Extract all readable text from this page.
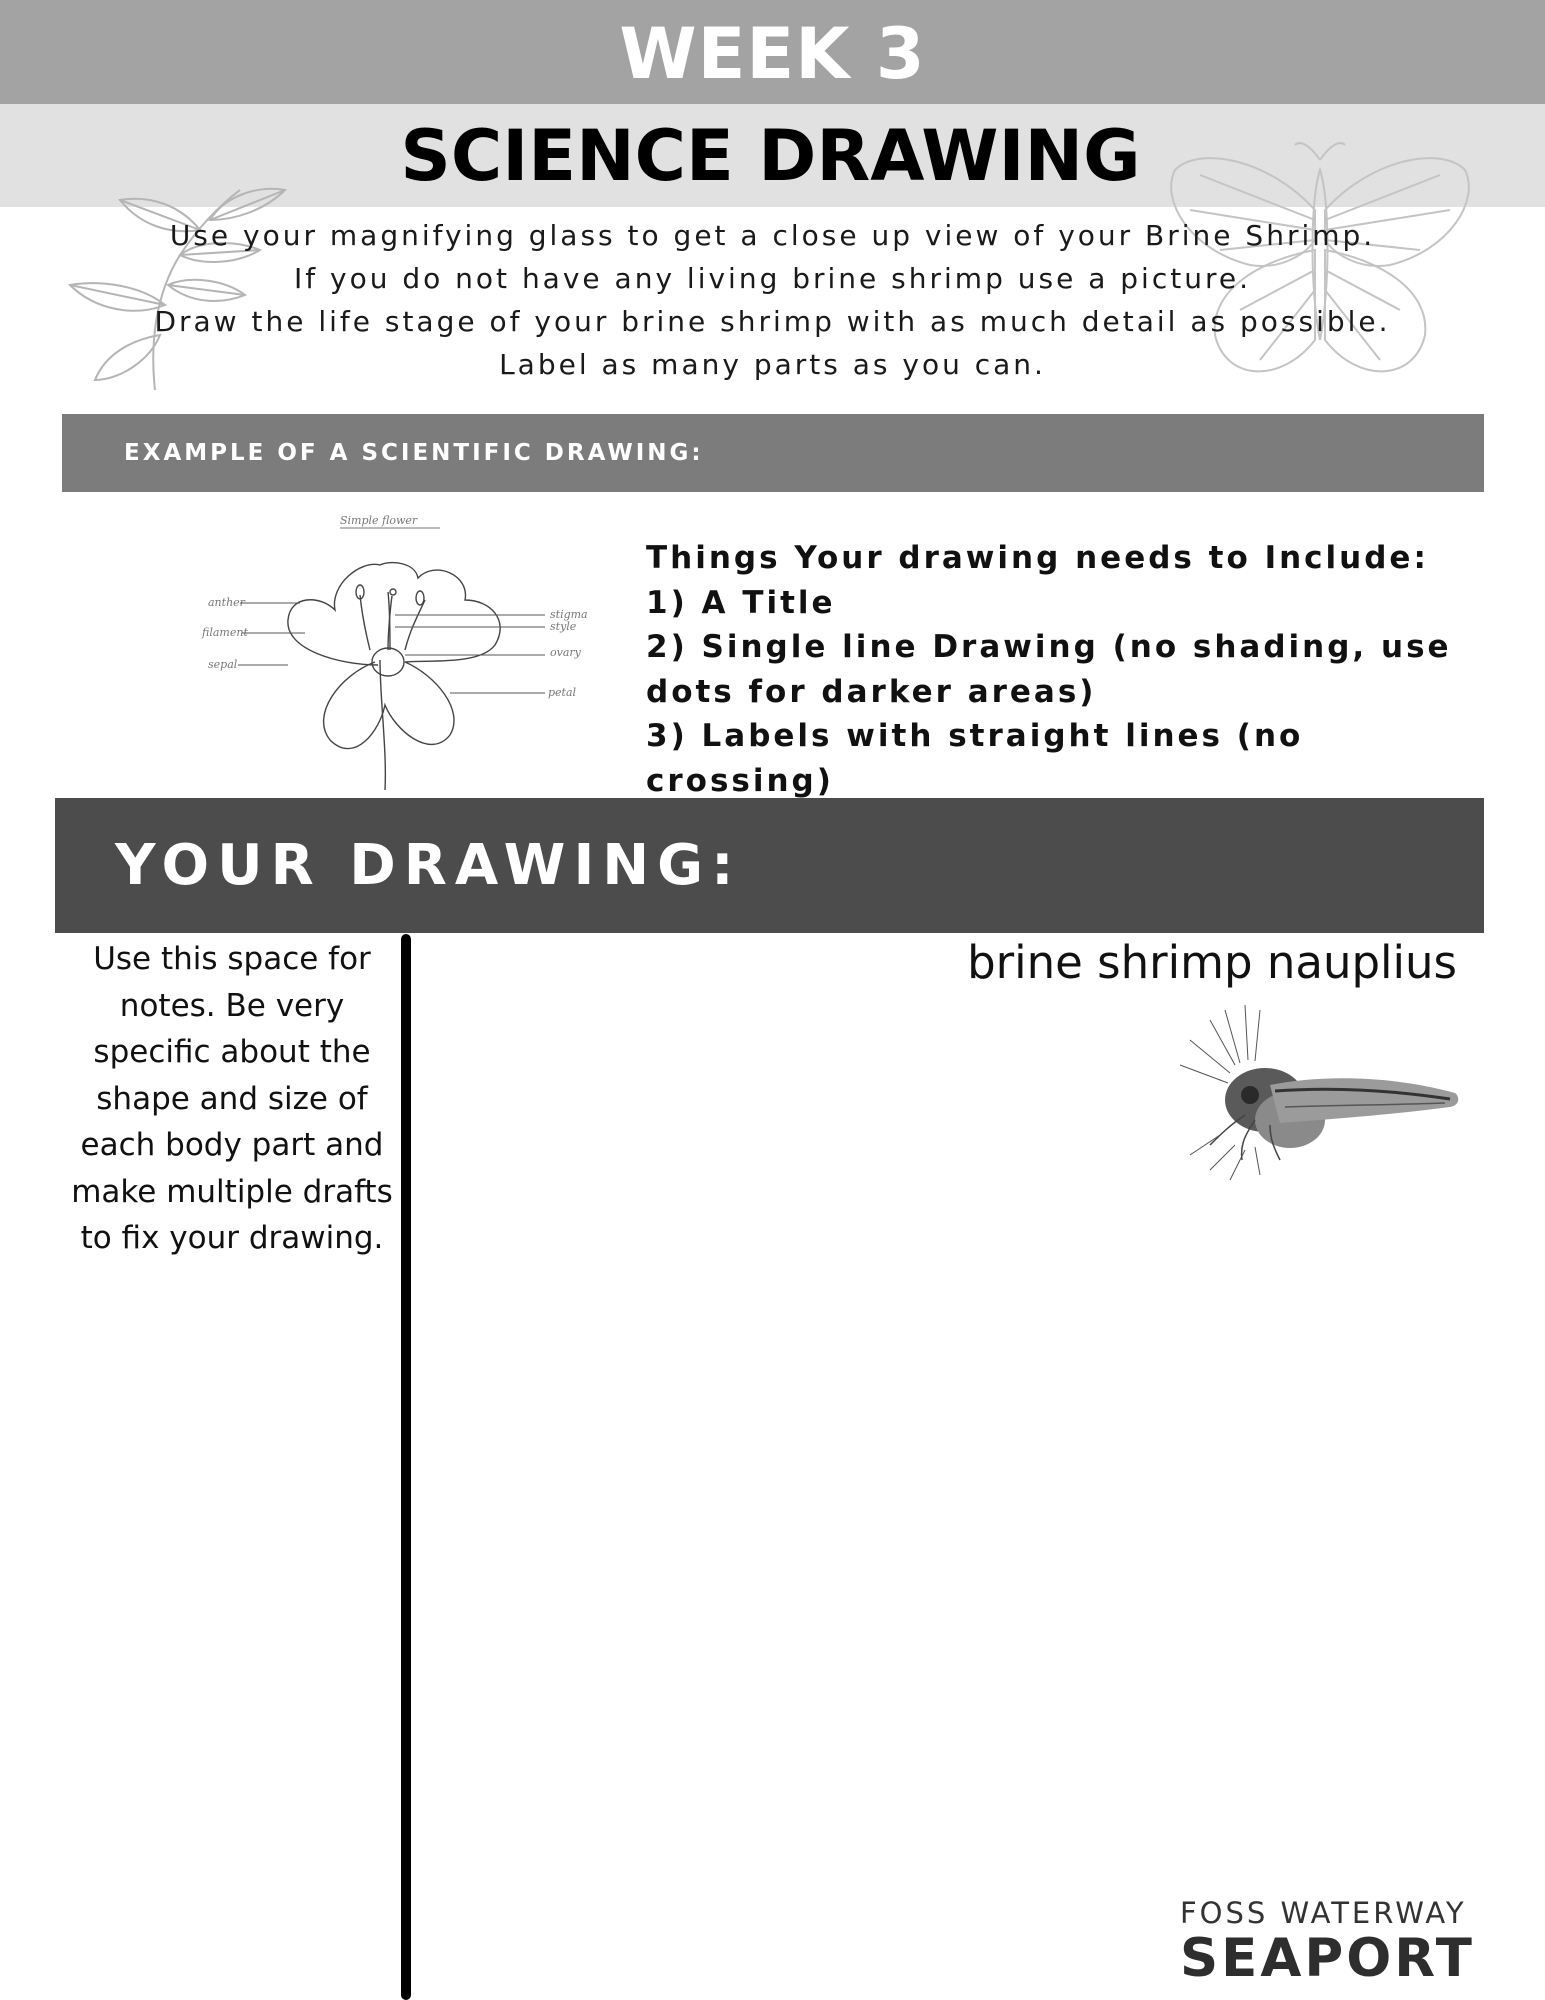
WEEK 3
SCIENCE DRAWING

Use your magnifying glass to get a close up view of your Brine Shrimp.

If you do not have any living brine shrimp use a picture.

Draw the life stage of your brine shrimp with as much detail as possible.

Label as many parts as you can.

EXAMPLE OF A SCIENTIFIC DRAWING:
Simple flower
anther
filament
sepal
stigma
style
ovary
petal

Things Your drawing needs to Include:

1) A Title

2) Single line Drawing (no shading, use

dots for darker areas)

3) Labels with straight lines (no crossing)

YOUR DRAWING:

Use this space for

notes. Be very

specific about the

shape and size of

each body part and

make multiple drafts

to fix your drawing.

brine shrimp nauplius
FOSS WATERWAY
SEAPORT
